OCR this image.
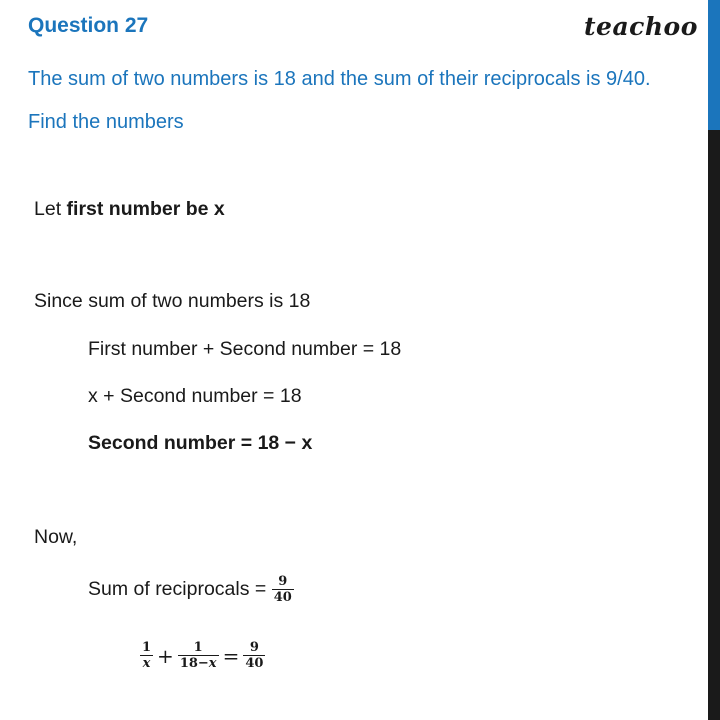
Question 27	teachoo
The sum of two numbers is 18 and the sum of their reciprocals is 9/40. Find the numbers
Let first number be x
Since sum of two numbers is 18
First number + Second number = 18
x + Second number = 18
Second number = 18 − x
Now,
Sum of reciprocals = $\frac{9}{40}$
$\frac{1}{x} + \frac{1}{18-x} = \frac{9}{40}$
